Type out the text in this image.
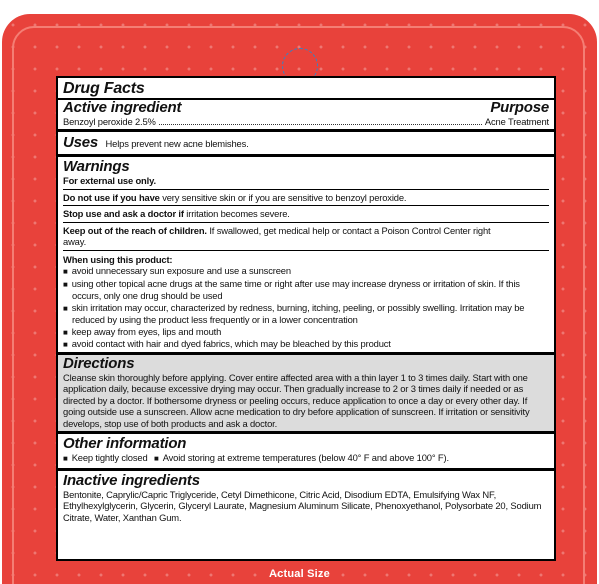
Drug Facts
Active ingredient	Purpose
Benzoyl peroxide 2.5%	Acne Treatment
Uses Helps prevent new acne blemishes.
Warnings
For external use only.
Do not use if you have very sensitive skin or if you are sensitive to benzoyl peroxide.
Stop use and ask a doctor if irritation becomes severe.
Keep out of the reach of children. If swallowed, get medical help or contact a Poison Control Center right away.
When using this product:
■ avoid unnecessary sun exposure and use a sunscreen
■ using other topical acne drugs at the same time or right after use may increase dryness or irritation of skin. If this occurs, only one drug should be used
■ skin irritation may occur, characterized by redness, burning, itching, peeling, or possibly swelling. Irritation may be reduced by using the product less frequently or in a lower concentration
■ keep away from eyes, lips and mouth
■ avoid contact with hair and dyed fabrics, which may be bleached by this product
Directions
Cleanse skin thoroughly before applying. Cover entire affected area with a thin layer 1 to 3 times daily. Start with one application daily, because excessive drying may occur. Then gradually increase to 2 or 3 times daily if needed or as directed by a doctor. If bothersome dryness or peeling occurs, reduce application to once a day or every other day. If going outside use a sunscreen. Allow acne medication to dry before application of sunscreen. If irritation or sensitivity develops, stop use of both products and ask a doctor.
Other information
■ Keep tightly closed ■ Avoid storing at extreme temperatures (below 40° F and above 100° F).
Inactive ingredients
Bentonite, Caprylic/Capric Triglyceride, Cetyl Dimethicone, Citric Acid, Disodium EDTA, Emulsifying Wax NF, Ethylhexylglycerin, Glycerin, Glyceryl Laurate, Magnesium Aluminum Silicate, Phenoxyethanol, Polysorbate 20, Sodium Citrate, Water, Xanthan Gum.
Actual Size
